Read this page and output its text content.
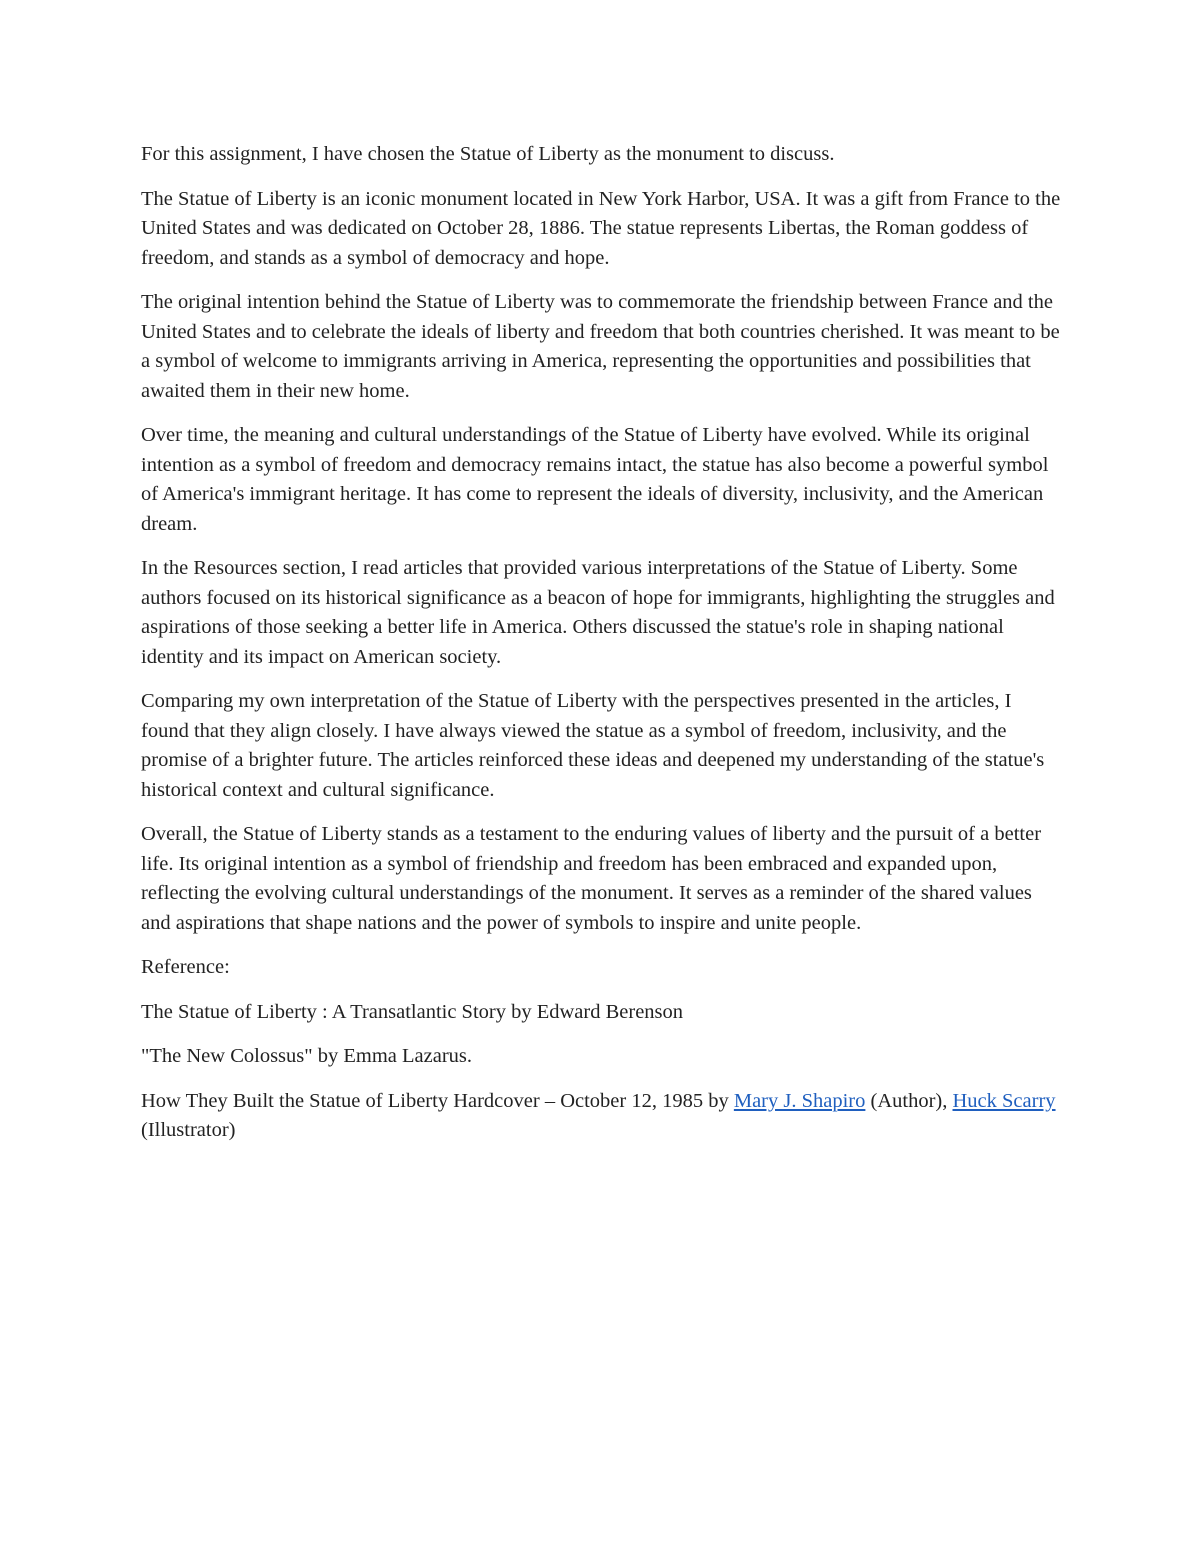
For this assignment, I have chosen the Statue of Liberty as the monument to discuss.

The Statue of Liberty is an iconic monument located in New York Harbor, USA. It was a gift from France to the United States and was dedicated on October 28, 1886. The statue represents Libertas, the Roman goddess of freedom, and stands as a symbol of democracy and hope.

The original intention behind the Statue of Liberty was to commemorate the friendship between France and the United States and to celebrate the ideals of liberty and freedom that both countries cherished. It was meant to be a symbol of welcome to immigrants arriving in America, representing the opportunities and possibilities that awaited them in their new home.

Over time, the meaning and cultural understandings of the Statue of Liberty have evolved. While its original intention as a symbol of freedom and democracy remains intact, the statue has also become a powerful symbol of America's immigrant heritage. It has come to represent the ideals of diversity, inclusivity, and the American dream.

In the Resources section, I read articles that provided various interpretations of the Statue of Liberty. Some authors focused on its historical significance as a beacon of hope for immigrants, highlighting the struggles and aspirations of those seeking a better life in America. Others discussed the statue's role in shaping national identity and its impact on American society.

Comparing my own interpretation of the Statue of Liberty with the perspectives presented in the articles, I found that they align closely. I have always viewed the statue as a symbol of freedom, inclusivity, and the promise of a brighter future. The articles reinforced these ideas and deepened my understanding of the statue's historical context and cultural significance.

Overall, the Statue of Liberty stands as a testament to the enduring values of liberty and the pursuit of a better life. Its original intention as a symbol of friendship and freedom has been embraced and expanded upon, reflecting the evolving cultural understandings of the monument. It serves as a reminder of the shared values and aspirations that shape nations and the power of symbols to inspire and unite people.

Reference:

The Statue of Liberty : A Transatlantic Story by Edward Berenson

"The New Colossus" by Emma Lazarus.

How They Built the Statue of Liberty Hardcover – October 12, 1985 by Mary J. Shapiro (Author), Huck Scarry (Illustrator)
